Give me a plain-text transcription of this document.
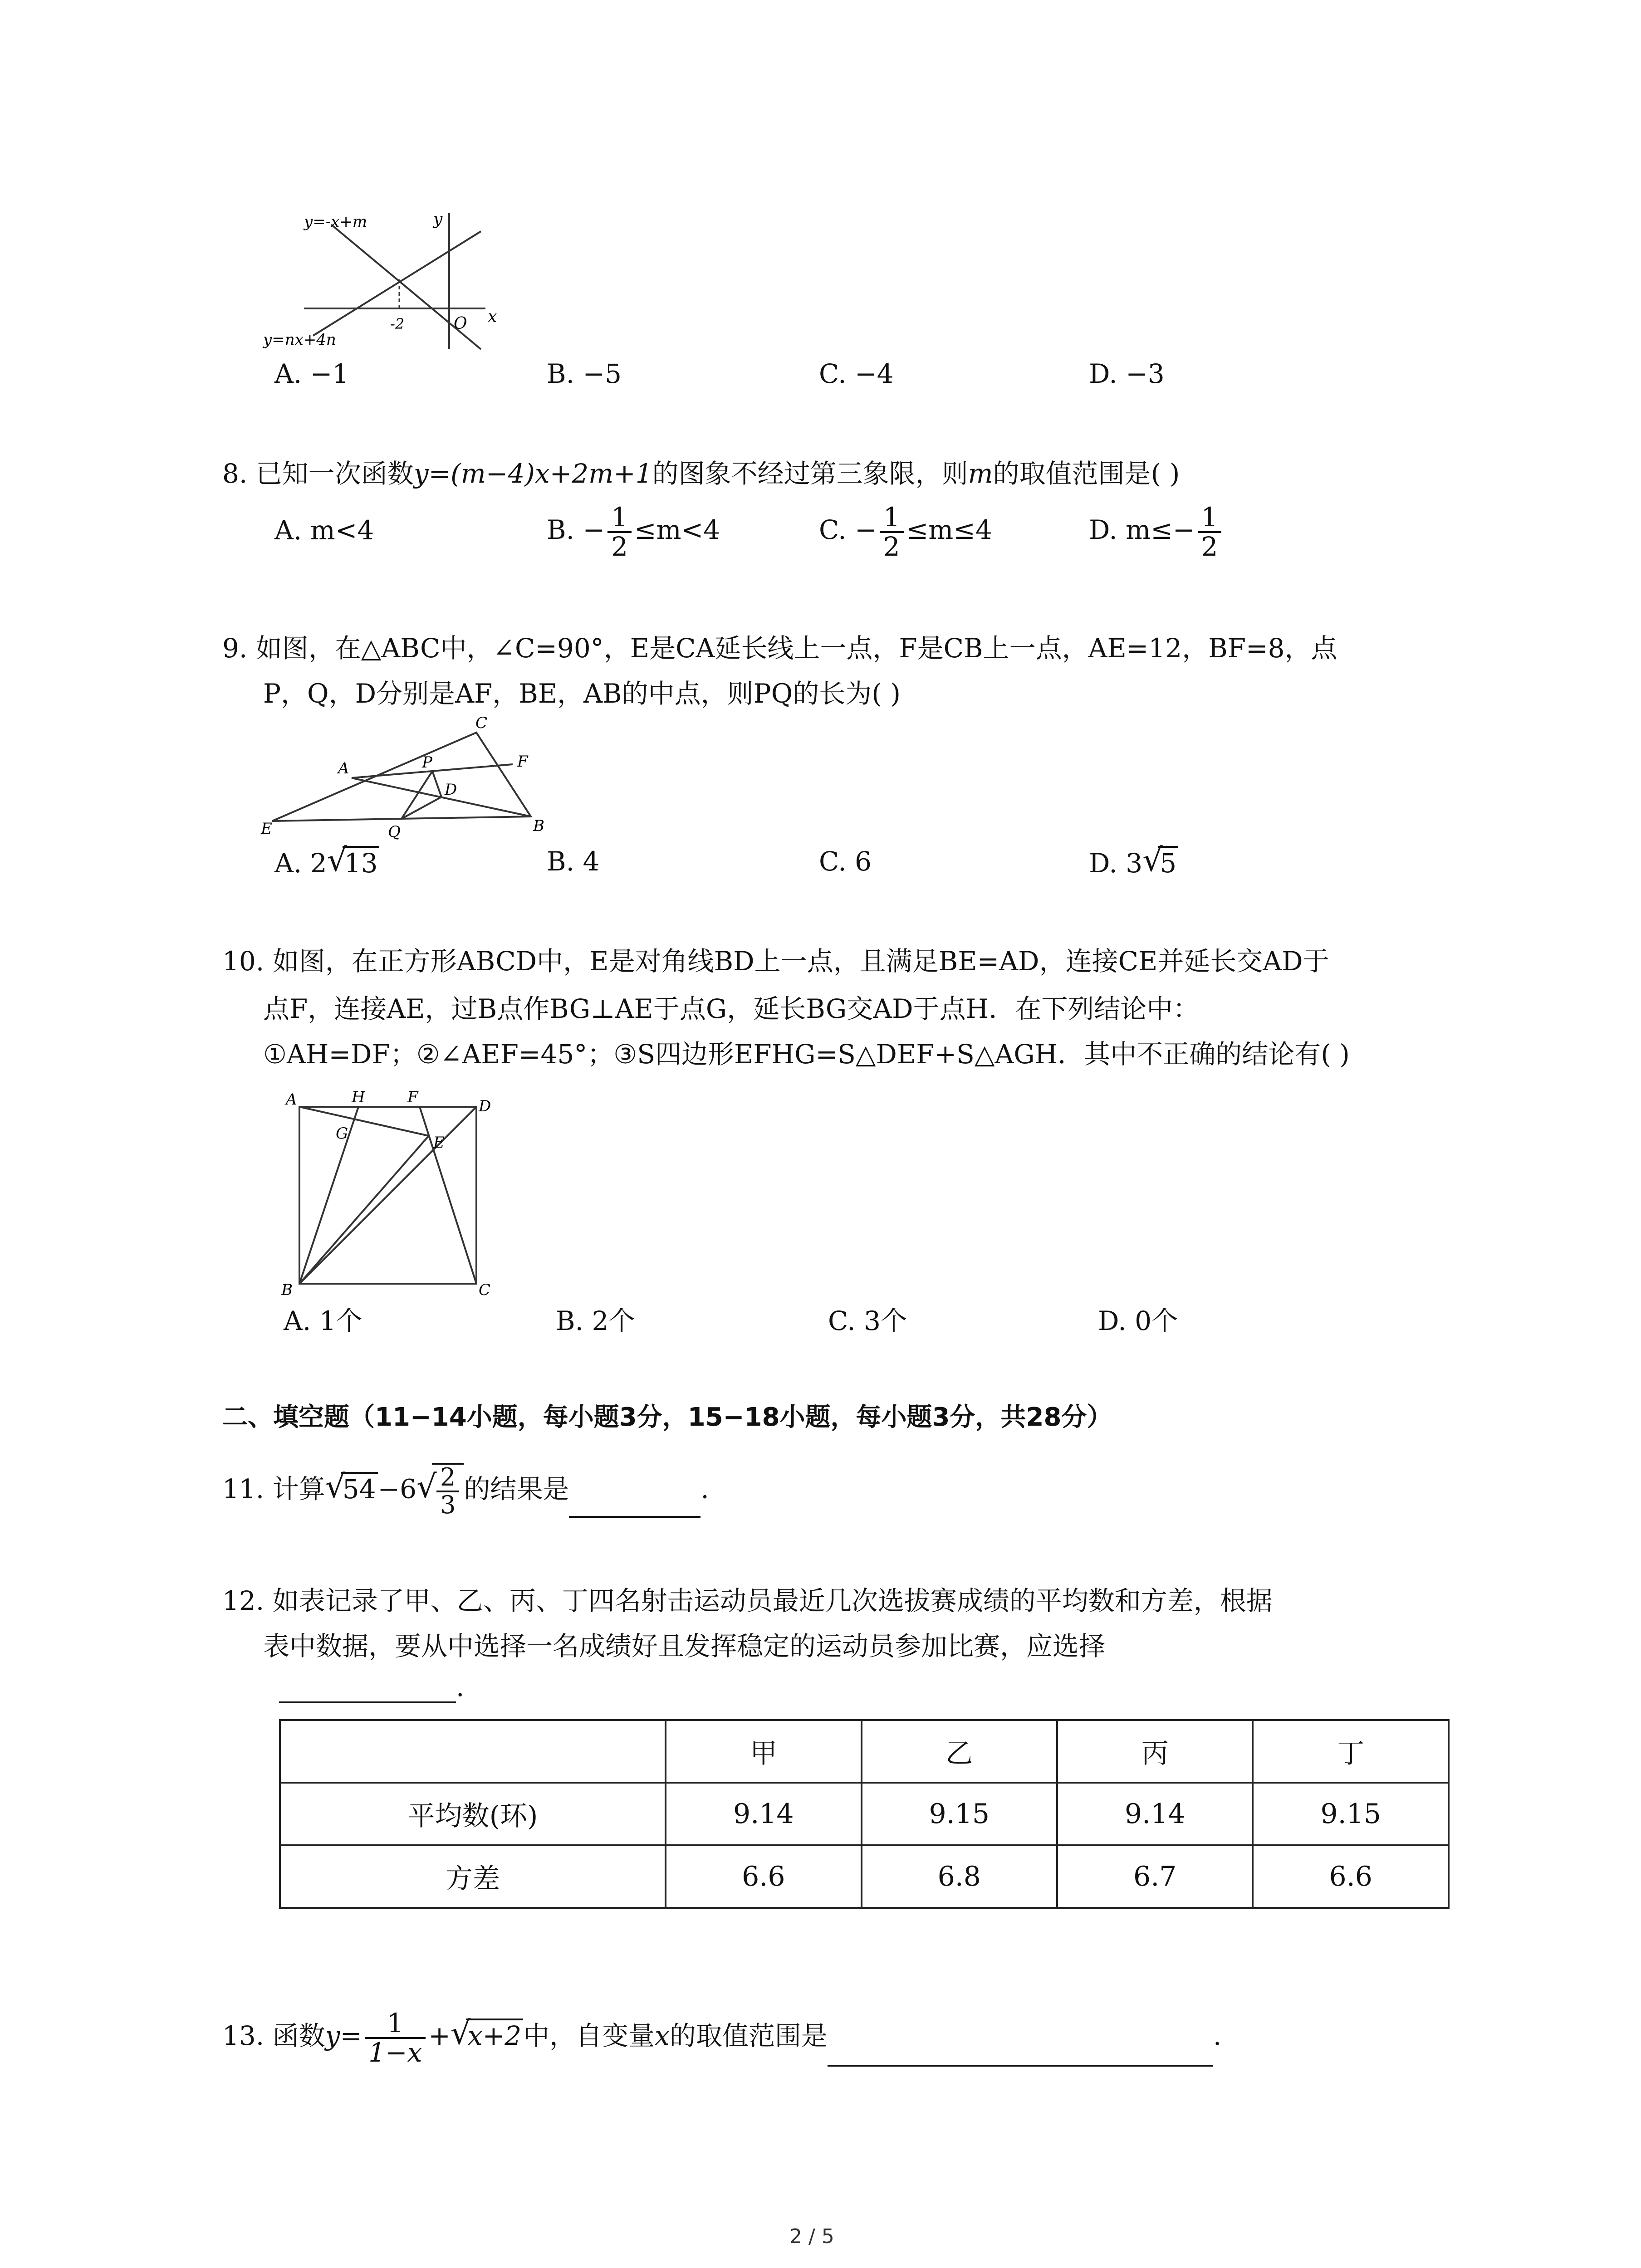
y=-x+m
y=nx+4n
y
x
O
-2
A. −1	B. −5	C. −4	D. −3
8. 已知一次函数y=(m−4)x+2m+1的图象不经过第三象限，则m的取值范围是( )
A. m<4	B. − $\frac{1}{2} \le m<4$	C. − $\frac{1}{2} \le m\le 4$	D. $m\le- \frac{1}{2}$
9. 如图，在△ABC中，∠C=90°，E是CA延长线上一点，F是CB上一点，AE=12，BF=8，点
P，Q，D分别是AF，BE，AB的中点，则PQ的长为( )
C
A	P	F
D
E	Q	B
A. 2 √
13	B. 4	C. 6	D. 3 √
5
10. 如图，在正方形ABCD中，E是对角线BD上一点，且满足BE=AD，连接CE并延长交AD于
点F，连接AE，过B点作BG⊥AE于点G，延长BG交AD于点H．在下列结论中：
①AH=DF；②∠AEF=45°；③S四边形EFHG=S△DEF+S△AGH．其中不正确的结论有( )
A	H	F	D
G	E
B	C
A. 1个	B. 2个	C. 3个	D. 0个
二、填空题（11−14小题，每小题3分，15−18小题，每小题3分，共28分）
11. 计算 √
54−6 √ $\frac{2}{3}$ 的结果是	.
12. 如表记录了甲、乙、丙、丁四名射击运动员最近几次选拔赛成绩的平均数和方差，根据
表中数据，要从中选择一名成绩好且发挥稳定的运动员参加比赛，应选择
.
	甲	乙	丙	丁
平均数(环)	9.14	9.15	9.14	9.15
方差	6.6	6.8	6.7	6.6
13. 函数$y= \frac{1}{1-x}$ + √
x+2中，自变量x的取值范围是	.
2 / 5
